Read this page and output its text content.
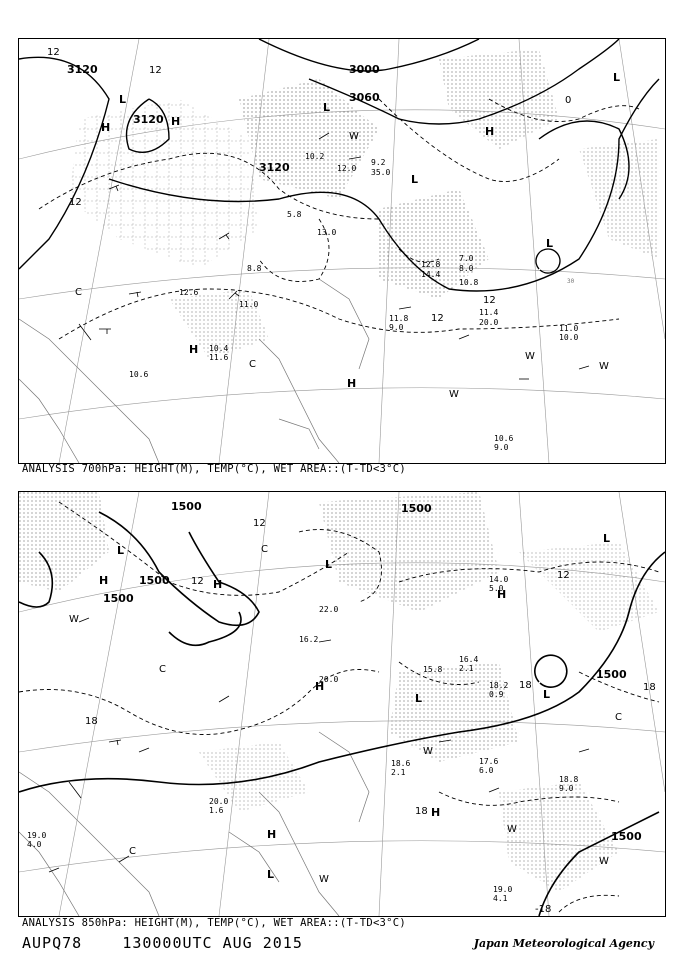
3120
3120
3000
3060
3120
12
12
12
12
12
0
C
C
W
W
W
W
H	H
H
H
H
L
L
L
L
L
10.2
12.0
9.2
35.0
11.4
20.0
11.0
10.0
10.6
11.0
10.4
11.6
12.6
7.0
8.0
12.8
14.4
10.8
5.8
11.8
9.0
13.0
8.8
10.6
9.0
30
ANALYSIS 700hPa: HEIGHT(M), TEMP(°C), WET AREA::(T-TD<3°C)
1500
1500
1500
1500
1500
1500
12
12
12
18	18
18
18
-18
C
C
C
C
W
W
W
W
W
H	H
H
H
H
H
L
L
L
L
L
L
22.0
20.0
15.8
16.2
17.6
6.0
18.8
9.0
19.0
4.1
19.0
4.0
18.2
0.9
16.4
2.1
20.0
1.6
18.6
2.1
14.0
5.0
ANALYSIS 850hPa: HEIGHT(M), TEMP(°C), WET AREA::(T-TD<3°C)
AUPQ78	130000UTC AUG 2015	Japan Meteorological Agency
